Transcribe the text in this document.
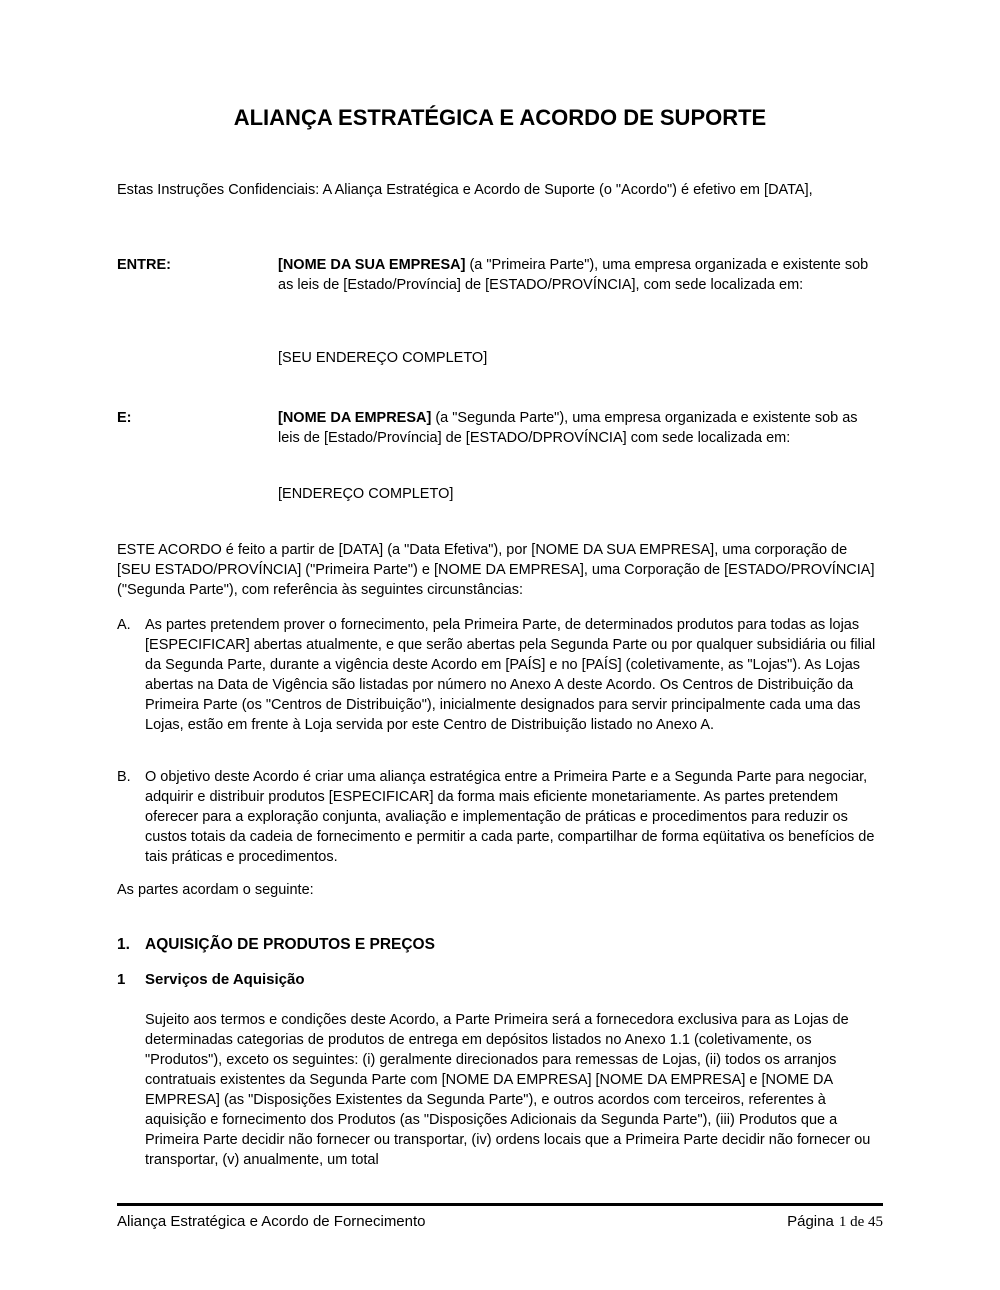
ALIANÇA ESTRATÉGICA E ACORDO DE SUPORTE

Estas Instruções Confidenciais: A Aliança Estratégica e Acordo de Suporte (o "Acordo") é efetivo em [DATA],

ENTRE:	[NOME DA SUA EMPRESA] (a "Primeira Parte"), uma empresa organizada e existente sob as leis de [Estado/Província] de [ESTADO/PROVÍNCIA], com sede localizada em:

[SEU ENDEREÇO COMPLETO]

E:	[NOME DA EMPRESA] (a "Segunda Parte"), uma empresa organizada e existente sob as leis de [Estado/Província] de [ESTADO/DPROVÍNCIA] com sede localizada em:

[ENDEREÇO COMPLETO]

ESTE ACORDO é feito a partir de [DATA] (a "Data Efetiva"), por [NOME DA SUA EMPRESA], uma corporação de [SEU ESTADO/PROVÍNCIA] ("Primeira Parte") e [NOME DA EMPRESA], uma Corporação de [ESTADO/PROVÍNCIA] ("Segunda Parte"), com referência às seguintes circunstâncias:

A. As partes pretendem prover o fornecimento, pela Primeira Parte, de determinados produtos para todas as lojas [ESPECIFICAR] abertas atualmente, e que serão abertas pela Segunda Parte ou por qualquer subsidiária ou filial da Segunda Parte, durante a vigência deste Acordo em [PAÍS] e no [PAÍS] (coletivamente, as "Lojas"). As Lojas abertas na Data de Vigência são listadas por número no Anexo A deste Acordo. Os Centros de Distribuição da Primeira Parte (os "Centros de Distribuição"), inicialmente designados para servir principalmente cada uma das Lojas, estão em frente à Loja servida por este Centro de Distribuição listado no Anexo A.
B. O objetivo deste Acordo é criar uma aliança estratégica entre a Primeira Parte e a Segunda Parte para negociar, adquirir e distribuir produtos [ESPECIFICAR] da forma mais eficiente monetariamente. As partes pretendem oferecer para a exploração conjunta, avaliação e implementação de práticas e procedimentos para reduzir os custos totais da cadeia de fornecimento e permitir a cada parte, compartilhar de forma eqüitativa os benefícios de tais práticas e procedimentos.

As partes acordam o seguinte:

1. AQUISIÇÃO DE PRODUTOS E PREÇOS
1 Serviços de Aquisição

Sujeito aos termos e condições deste Acordo, a Parte Primeira será a fornecedora exclusiva para as Lojas de determinadas categorias de produtos de entrega em depósitos listados no Anexo 1.1 (coletivamente, os "Produtos"), exceto os seguintes: (i) geralmente direcionados para remessas de Lojas, (ii) todos os arranjos contratuais existentes da Segunda Parte com [NOME DA EMPRESA] [NOME DA EMPRESA] e [NOME DA EMPRESA] (as "Disposições Existentes da Segunda Parte"), e outros acordos com terceiros, referentes à aquisição e fornecimento dos Produtos (as "Disposições Adicionais da Segunda Parte"), (iii) Produtos que a Primeira Parte decidir não fornecer ou transportar, (iv) ordens locais que a Primeira Parte decidir não fornecer ou transportar, (v) anualmente, um total

Aliança Estratégica e Acordo de Fornecimento	Página 1 de 45
